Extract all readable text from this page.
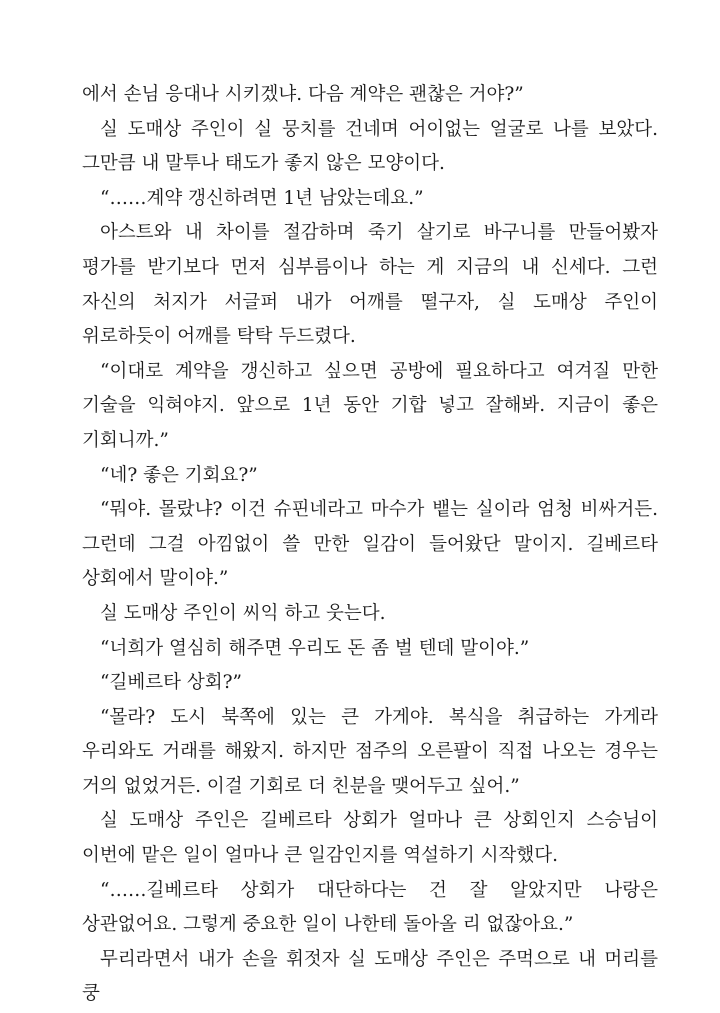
에서 손님 응대나 시키겠냐. 다음 계약은 괜찮은 거야?”

실 도매상 주인이 실 뭉치를 건네며 어이없는 얼굴로 나를 보았다. 그만큼 내 말투나 태도가 좋지 않은 모양이다.

“……계약 갱신하려면 1년 남았는데요.”

아스트와 내 차이를 절감하며 죽기 살기로 바구니를 만들어봤자 평가를 받기보다 먼저 심부름이나 하는 게 지금의 내 신세다. 그런 자신의 처지가 서글퍼 내가 어깨를 떨구자, 실 도매상 주인이 위로하듯이 어깨를 탁탁 두드렸다.

“이대로 계약을 갱신하고 싶으면 공방에 필요하다고 여겨질 만한 기술을 익혀야지. 앞으로 1년 동안 기합 넣고 잘해봐. 지금이 좋은 기회니까.”

“네? 좋은 기회요?”

“뭐야. 몰랐냐? 이건 슈핀네라고 마수가 뱉는 실이라 엄청 비싸거든. 그런데 그걸 아낌없이 쓸 만한 일감이 들어왔단 말이지. 길베르타 상회에서 말이야.”

실 도매상 주인이 씨익 하고 웃는다.

“너희가 열심히 해주면 우리도 돈 좀 벌 텐데 말이야.”

“길베르타 상회?”

“몰라? 도시 북쪽에 있는 큰 가게야. 복식을 취급하는 가게라 우리와도 거래를 해왔지. 하지만 점주의 오른팔이 직접 나오는 경우는 거의 없었거든. 이걸 기회로 더 친분을 맺어두고 싶어.”

실 도매상 주인은 길베르타 상회가 얼마나 큰 상회인지 스승님이 이번에 맡은 일이 얼마나 큰 일감인지를 역설하기 시작했다.

“……길베르타 상회가 대단하다는 건 잘 알았지만 나랑은 상관없어요. 그렇게 중요한 일이 나한테 돌아올 리 없잖아요.”

무리라면서 내가 손을 휘젓자 실 도매상 주인은 주먹으로 내 머리를 쿵
